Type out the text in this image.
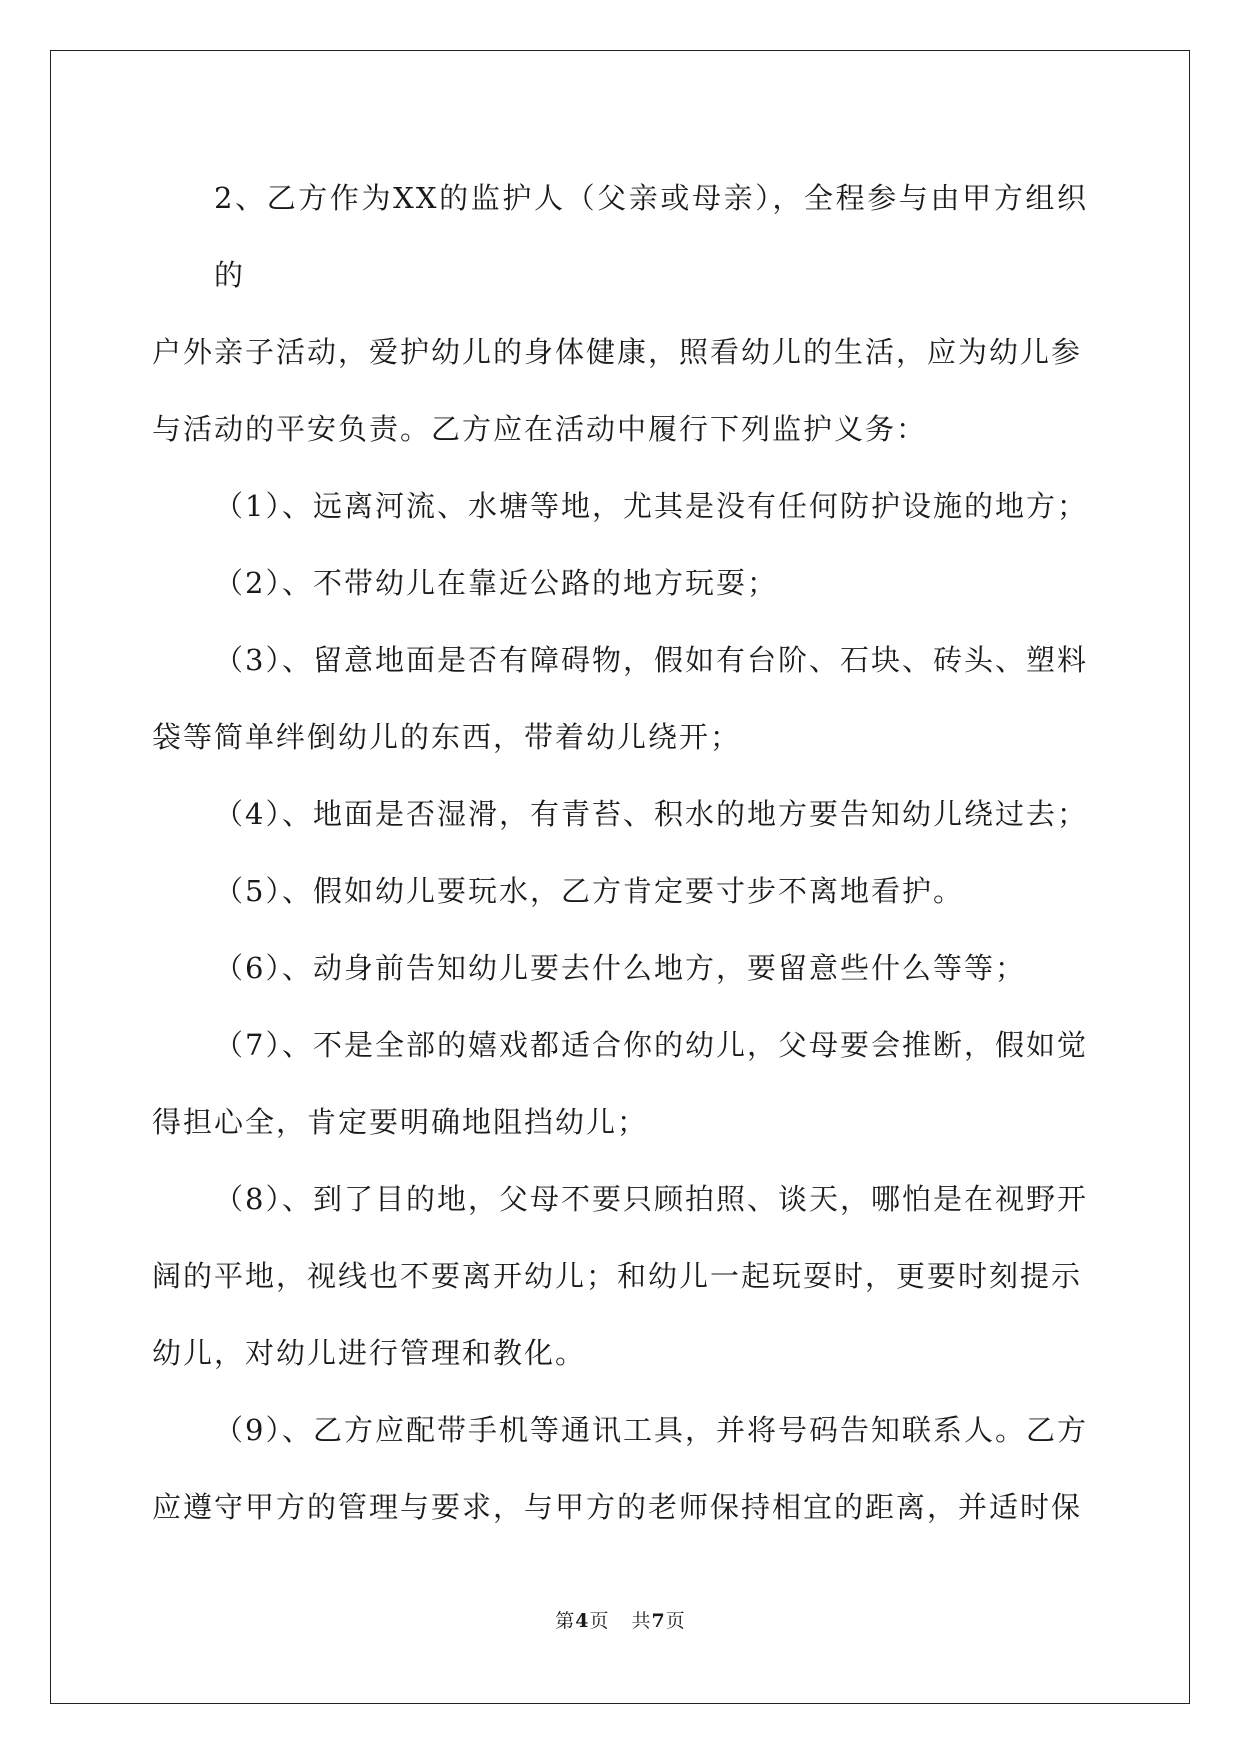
2、乙方作为XX的监护人（父亲或母亲），全程参与由甲方组织的
户外亲子活动，爱护幼儿的身体健康，照看幼儿的生活，应为幼儿参
与活动的平安负责。乙方应在活动中履行下列监护义务：
（1）、远离河流、水塘等地，尤其是没有任何防护设施的地方；
（2）、不带幼儿在靠近公路的地方玩耍；
（3）、留意地面是否有障碍物，假如有台阶、石块、砖头、塑料
袋等简单绊倒幼儿的东西，带着幼儿绕开；
（4）、地面是否湿滑，有青苔、积水的地方要告知幼儿绕过去；
（5）、假如幼儿要玩水，乙方肯定要寸步不离地看护。
（6）、动身前告知幼儿要去什么地方，要留意些什么等等；
（7）、不是全部的嬉戏都适合你的幼儿，父母要会推断，假如觉
得担心全，肯定要明确地阻挡幼儿；
（8）、到了目的地，父母不要只顾拍照、谈天，哪怕是在视野开
阔的平地，视线也不要离开幼儿；和幼儿一起玩耍时，更要时刻提示
幼儿，对幼儿进行管理和教化。
（9）、乙方应配带手机等通讯工具，并将号码告知联系人。乙方
应遵守甲方的管理与要求，与甲方的老师保持相宜的距离，并适时保
第4页 共7页
